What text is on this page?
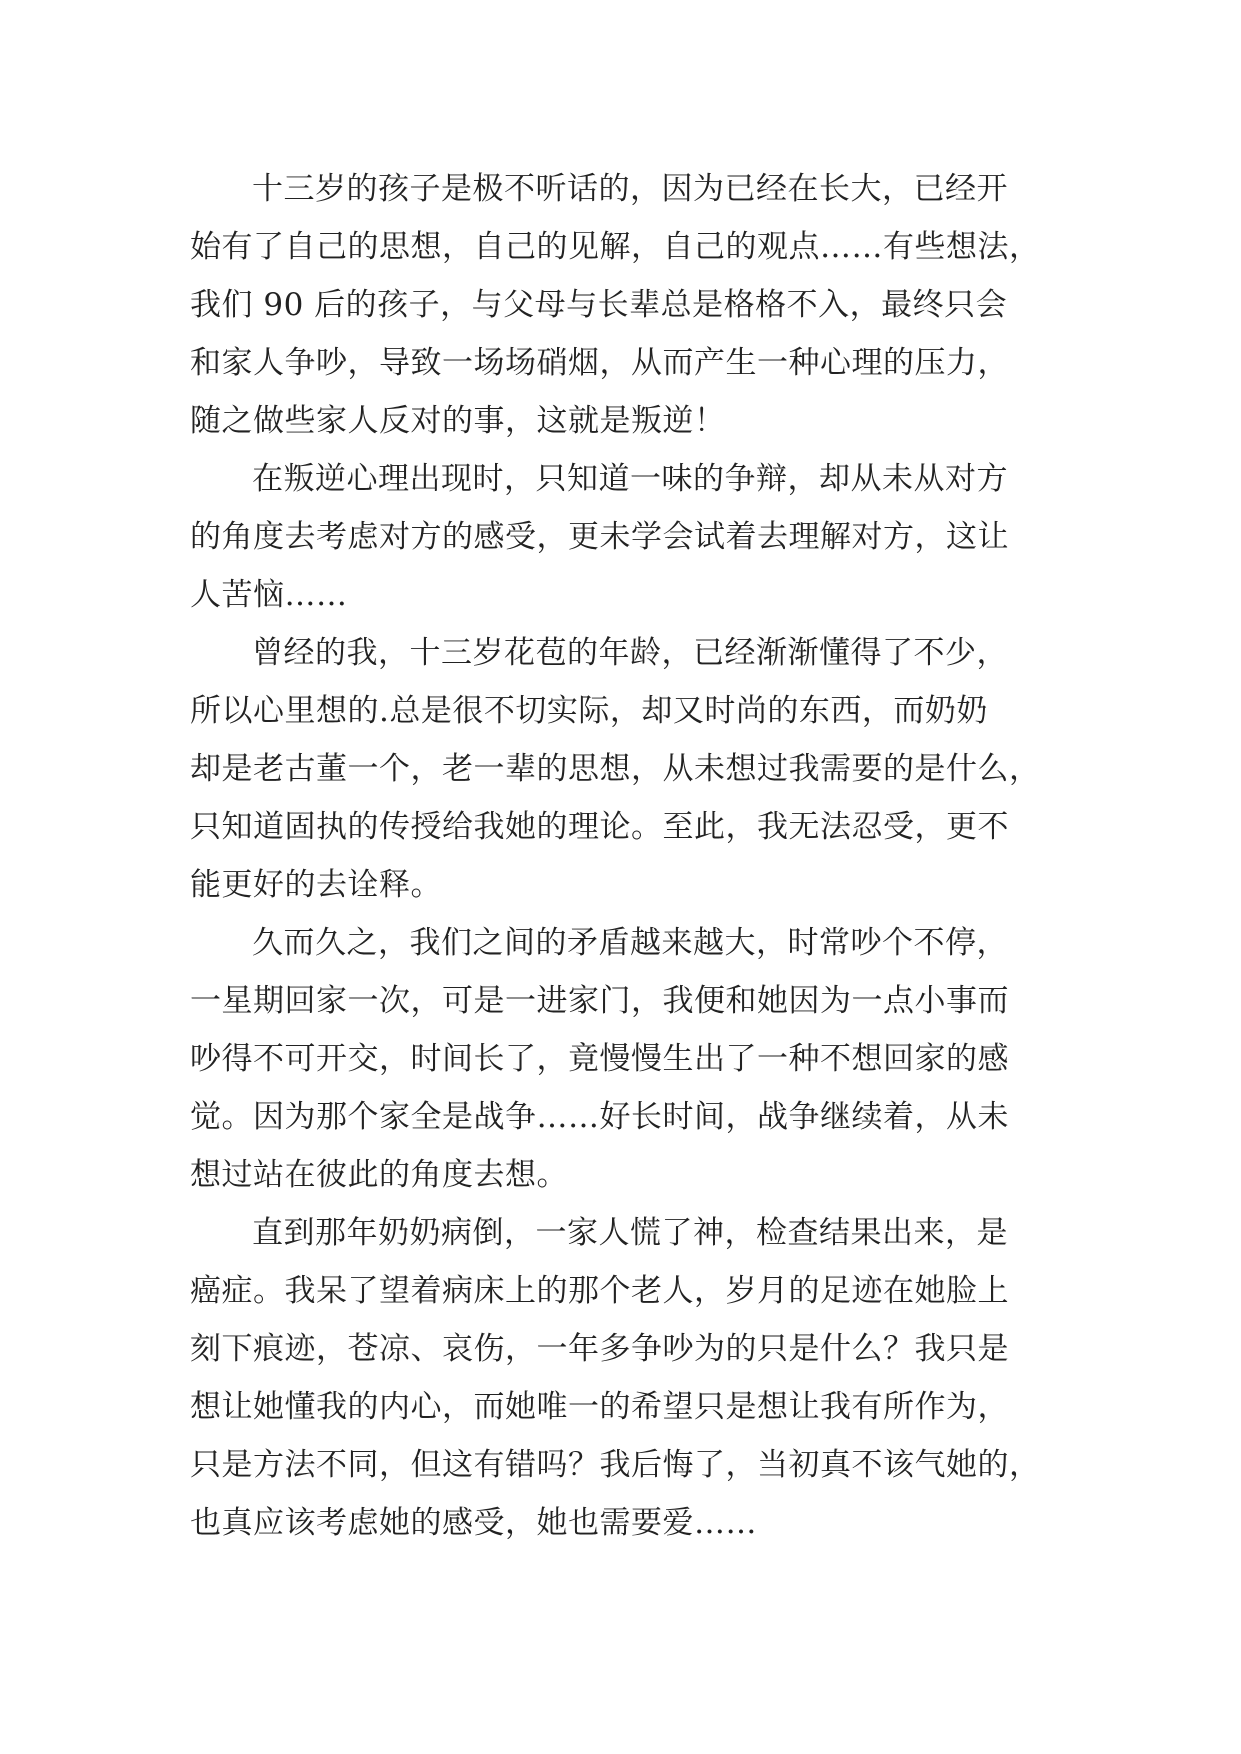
十三岁的孩子是极不听话的，因为已经在长大，已经开
始有了自己的思想，自己的见解，自己的观点……有些想法，
我们 90 后的孩子，与父母与长辈总是格格不入，最终只会
和家人争吵，导致一场场硝烟，从而产生一种心理的压力，
随之做些家人反对的事，这就是叛逆！
在叛逆心理出现时，只知道一味的争辩，却从未从对方
的角度去考虑对方的感受，更未学会试着去理解对方，这让
人苦恼……
曾经的我，十三岁花苞的年龄，已经渐渐懂得了不少，
所以心里想的.总是很不切实际，却又时尚的东西，而奶奶
却是老古董一个，老一辈的思想，从未想过我需要的是什么，
只知道固执的传授给我她的理论。至此，我无法忍受，更不
能更好的去诠释。
久而久之，我们之间的矛盾越来越大，时常吵个不停，
一星期回家一次，可是一进家门，我便和她因为一点小事而
吵得不可开交，时间长了，竟慢慢生出了一种不想回家的感
觉。因为那个家全是战争……好长时间，战争继续着，从未
想过站在彼此的角度去想。
直到那年奶奶病倒，一家人慌了神，检查结果出来，是
癌症。我呆了望着病床上的那个老人，岁月的足迹在她脸上
刻下痕迹，苍凉、哀伤，一年多争吵为的只是什么？我只是
想让她懂我的内心，而她唯一的希望只是想让我有所作为，
只是方法不同，但这有错吗？我后悔了，当初真不该气她的，
也真应该考虑她的感受，她也需要爱……
